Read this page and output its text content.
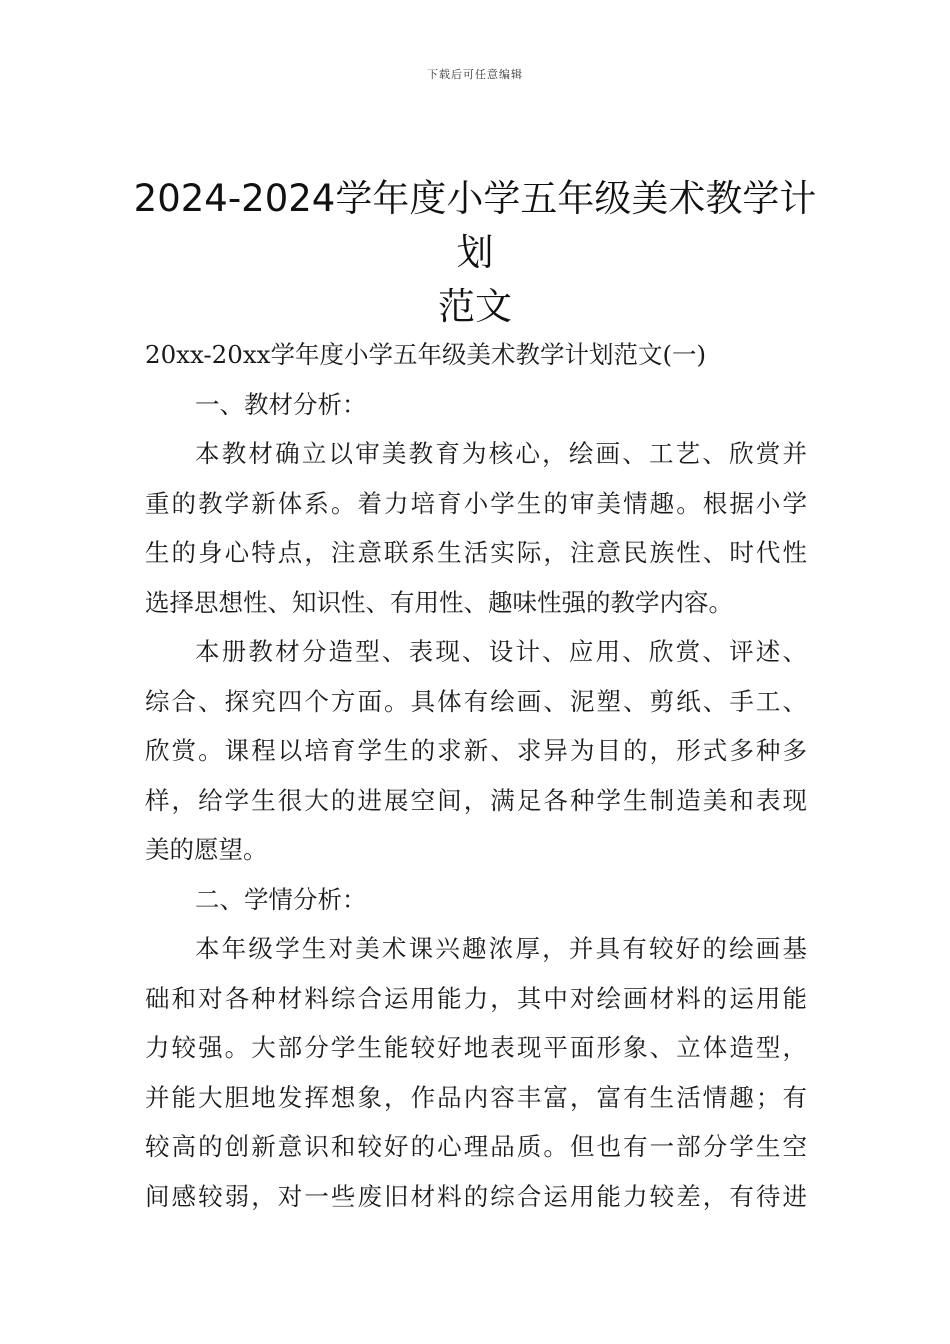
下载后可任意编辑
2024-2024学年度小学五年级美术教学计划
范文

20xx-20xx学年度小学五年级美术教学计划范文(一)

一、教材分析：

本教材确立以审美教育为核心，绘画、工艺、欣赏并

重的教学新体系。着力培育小学生的审美情趣。根据小学

生的身心特点，注意联系生活实际，注意民族性、时代性

选择思想性、知识性、有用性、趣味性强的教学内容。

本册教材分造型、表现、设计、应用、欣赏、评述、

综合、探究四个方面。具体有绘画、泥塑、剪纸、手工、

欣赏。课程以培育学生的求新、求异为目的，形式多种多

样，给学生很大的进展空间，满足各种学生制造美和表现

美的愿望。

二、学情分析：

本年级学生对美术课兴趣浓厚，并具有较好的绘画基

础和对各种材料综合运用能力，其中对绘画材料的运用能

力较强。大部分学生能较好地表现平面形象、立体造型，

并能大胆地发挥想象，作品内容丰富，富有生活情趣；有

较高的创新意识和较好的心理品质。但也有一部分学生空

间感较弱，对一些废旧材料的综合运用能力较差，有待进
